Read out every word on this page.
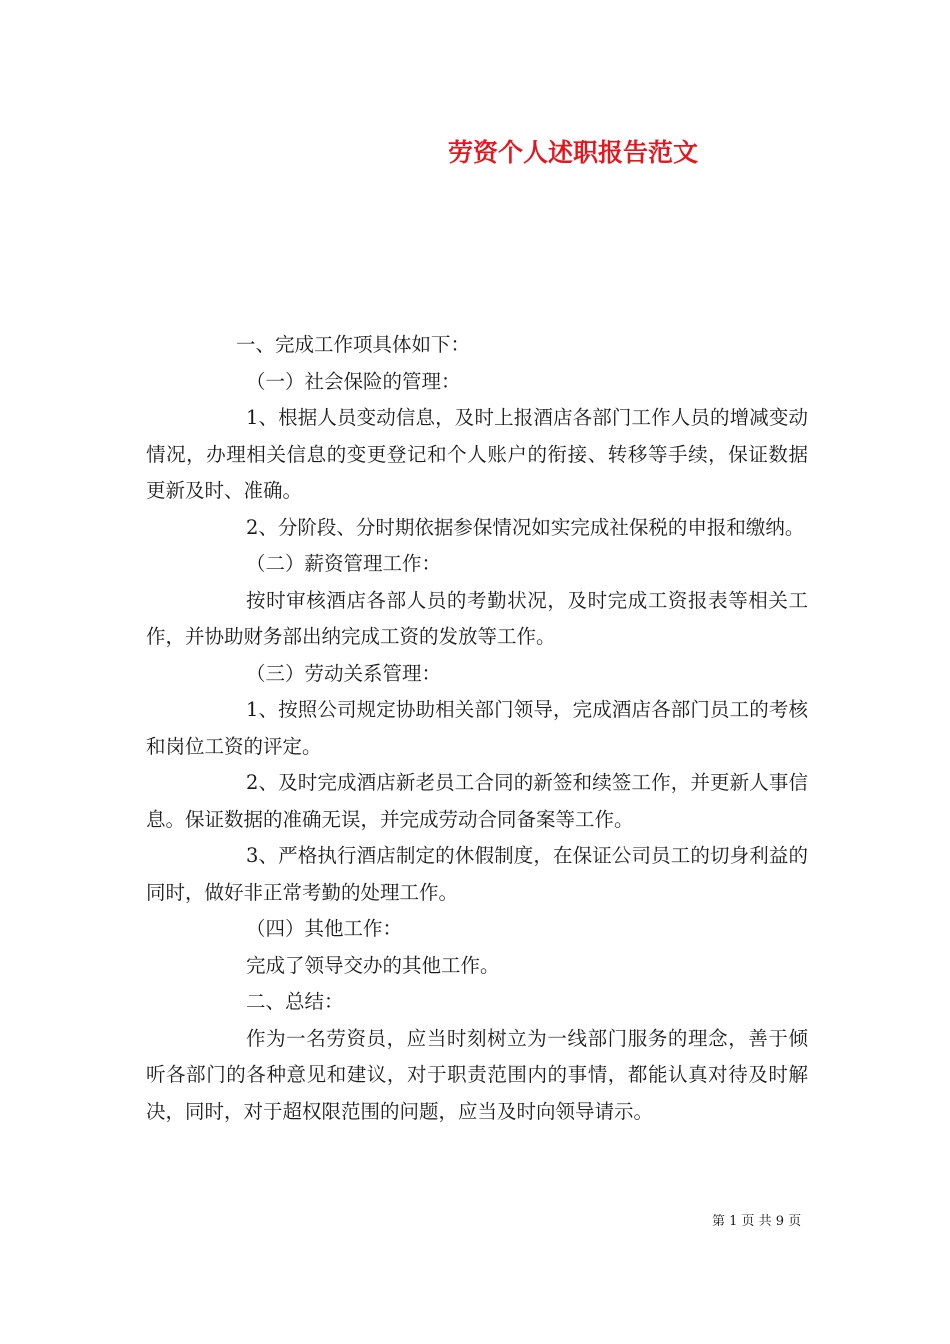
劳资个人述职报告范文

一、完成工作项具体如下：

（一）社会保险的管理：

1、根据人员变动信息，及时上报酒店各部门工作人员的增减变动情况，办理相关信息的变更登记和个人账户的衔接、转移等手续，保证数据更新及时、准确。

2、分阶段、分时期依据参保情况如实完成社保税的申报和缴纳。

（二）薪资管理工作：

按时审核酒店各部人员的考勤状况，及时完成工资报表等相关工作，并协助财务部出纳完成工资的发放等工作。

（三）劳动关系管理：

1、按照公司规定协助相关部门领导，完成酒店各部门员工的考核和岗位工资的评定。

2、及时完成酒店新老员工合同的新签和续签工作，并更新人事信息。保证数据的准确无误，并完成劳动合同备案等工作。

3、严格执行酒店制定的休假制度，在保证公司员工的切身利益的同时，做好非正常考勤的处理工作。

（四）其他工作：

完成了领导交办的其他工作。

二、总结：

作为一名劳资员，应当时刻树立为一线部门服务的理念，善于倾听各部门的各种意见和建议，对于职责范围内的事情，都能认真对待及时解决，同时，对于超权限范围的问题，应当及时向领导请示。

第 1 页 共 9 页
